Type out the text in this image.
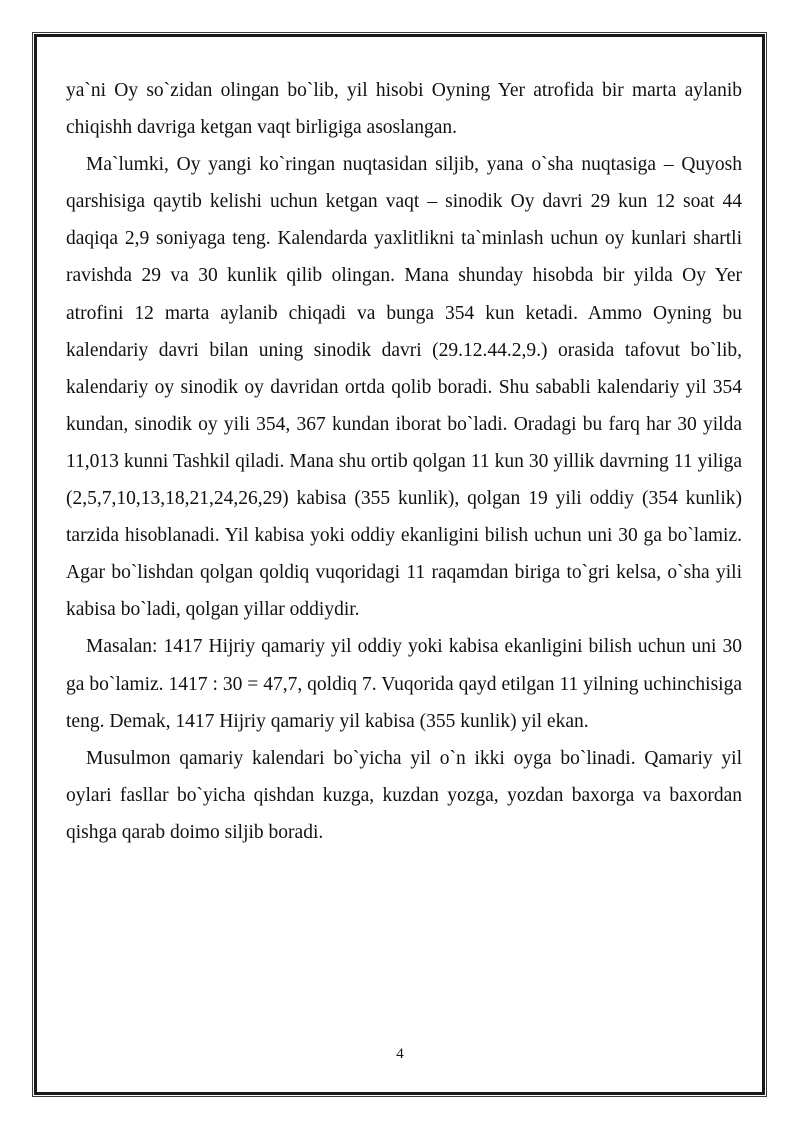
ya`ni Oy so`zidan olingan bo`lib, yil hisobi Oyning Yer atrofida bir marta aylanib chiqishh davriga ketgan vaqt birligiga asoslangan.

Ma`lumki, Oy yangi ko`ringan nuqtasidan siljib, yana o`sha nuqtasiga – Quyosh qarshisiga qaytib kelishi uchun ketgan vaqt – sinodik Oy davri 29 kun 12 soat 44 daqiqa 2,9 soniyaga teng. Kalendarda yaxlitlikni ta`minlash uchun oy kunlari shartli ravishda 29 va 30 kunlik qilib olingan. Mana shunday hisobda bir yilda Oy Yer atrofini 12 marta aylanib chiqadi va bunga 354 kun ketadi. Ammo Oyning bu kalendariy davri bilan uning sinodik davri (29.12.44.2,9.) orasida tafovut bo`lib, kalendariy oy sinodik oy davridan ortda qolib boradi. Shu sababli kalendariy yil 354 kundan, sinodik oy yili 354, 367 kundan iborat bo`ladi. Oradagi bu farq har 30 yilda 11,013 kunni Tashkil qiladi. Mana shu ortib qolgan 11 kun 30 yillik davrning 11 yiliga (2,5,7,10,13,18,21,24,26,29) kabisa (355 kunlik), qolgan 19 yili oddiy (354 kunlik) tarzida hisoblanadi. Yil kabisa yoki oddiy ekanligini bilish uchun uni 30 ga bo`lamiz. Agar bo`lishdan qolgan qoldiq vuqoridagi 11 raqamdan biriga to`gri kelsa, o`sha yili kabisa bo`ladi, qolgan yillar oddiydir.

Masalan: 1417 Hijriy qamariy yil oddiy yoki kabisa ekanligini bilish uchun uni 30 ga bo`lamiz. 1417 : 30 = 47,7, qoldiq 7. Vuqorida qayd etilgan 11 yilning uchinchisiga teng. Demak, 1417 Hijriy qamariy yil kabisa (355 kunlik) yil ekan.

Musulmon qamariy kalendari bo`yicha yil o`n ikki oyga bo`linadi. Qamariy yil oylari fasllar bo`yicha qishdan kuzga, kuzdan yozga, yozdan baxorga va baxordan qishga qarab doimo siljib boradi.

4
